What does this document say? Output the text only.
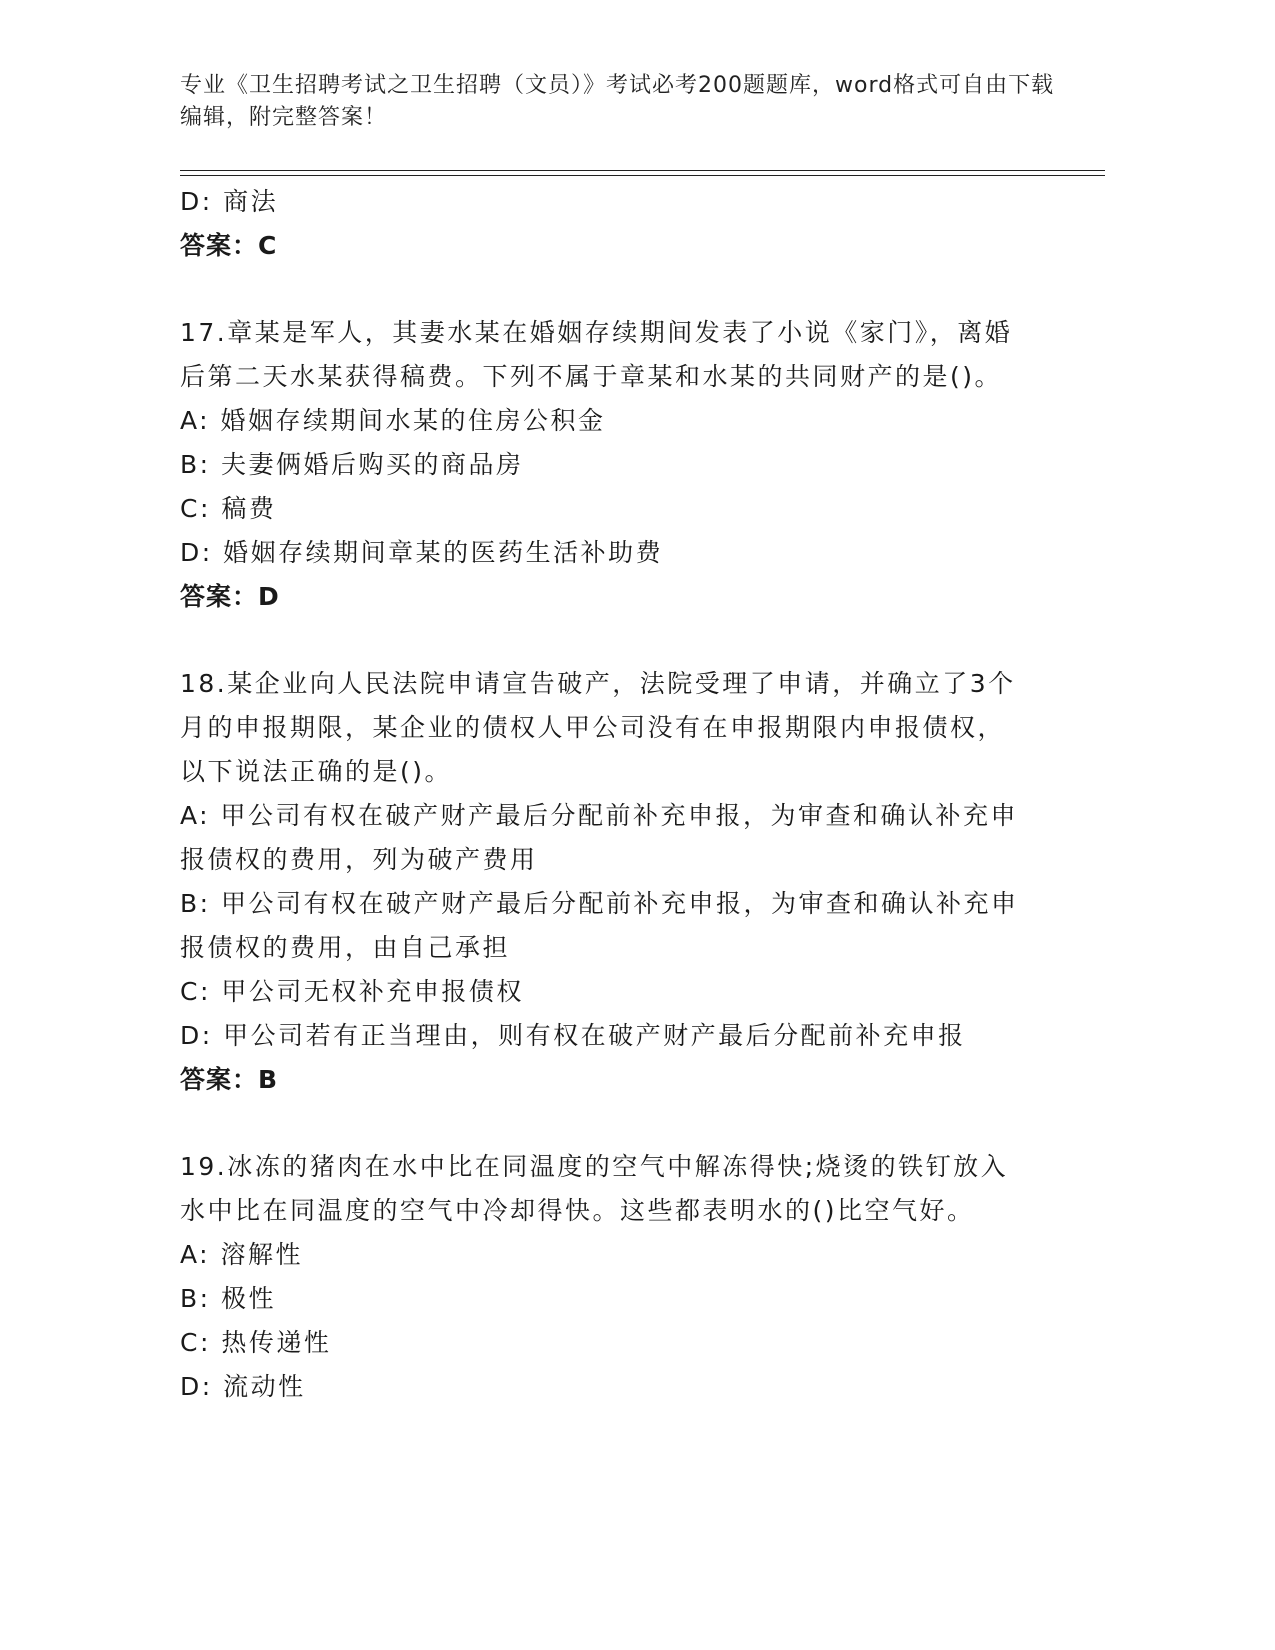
专业《卫生招聘考试之卫生招聘（文员）》考试必考200题题库，word格式可自由下载编辑，附完整答案！
D: 商法
答案：C
17.章某是军人，其妻水某在婚姻存续期间发表了小说《家门》，离婚
后第二天水某获得稿费。下列不属于章某和水某的共同财产的是()。
A: 婚姻存续期间水某的住房公积金
B: 夫妻俩婚后购买的商品房
C: 稿费
D: 婚姻存续期间章某的医药生活补助费
答案：D
18.某企业向人民法院申请宣告破产，法院受理了申请，并确立了3个
月的申报期限，某企业的债权人甲公司没有在申报期限内申报债权，
以下说法正确的是()。
A: 甲公司有权在破产财产最后分配前补充申报，为审查和确认补充申
报债权的费用，列为破产费用
B: 甲公司有权在破产财产最后分配前补充申报，为审查和确认补充申
报债权的费用，由自己承担
C: 甲公司无权补充申报债权
D: 甲公司若有正当理由，则有权在破产财产最后分配前补充申报
答案：B
19.冰冻的猪肉在水中比在同温度的空气中解冻得快;烧烫的铁钉放入
水中比在同温度的空气中冷却得快。这些都表明水的()比空气好。
A: 溶解性
B: 极性
C: 热传递性
D: 流动性
